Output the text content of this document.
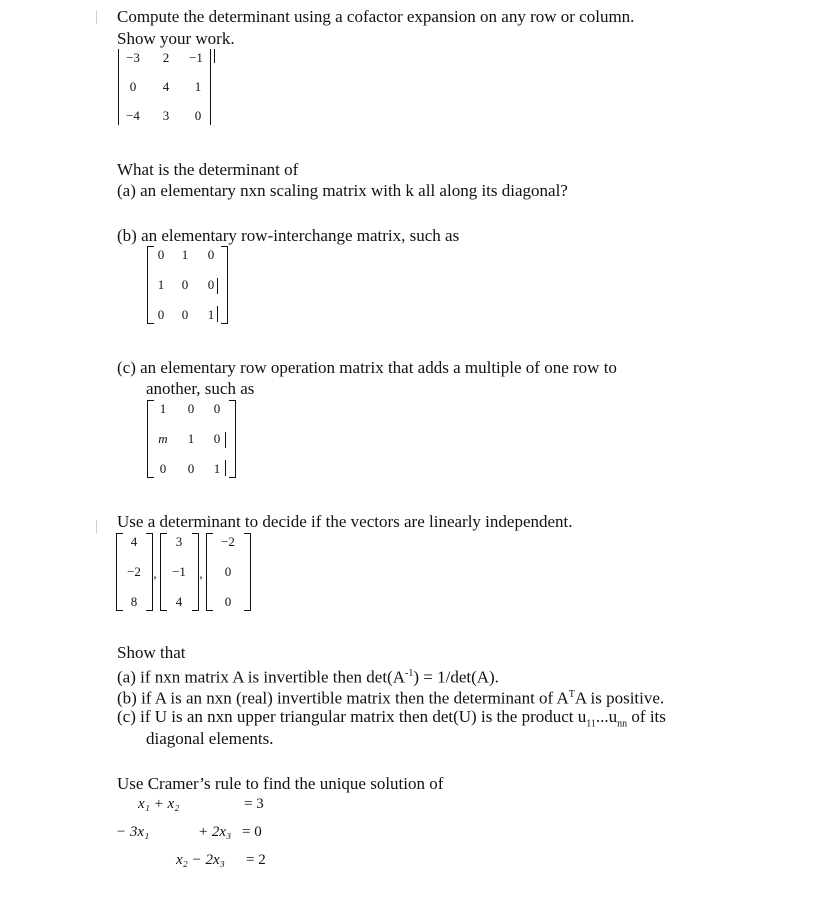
Compute the determinant using a cofactor expansion on any row or column.
Show your work.
−3	2	−1
0	4	1
−4	3	0
What is the determinant of
(a) an elementary nxn scaling matrix with k all along its diagonal?
(b) an elementary row-interchange matrix, such as
0	1	0
1	0	0
0	0	1
(c) an elementary row operation matrix that adds a multiple of one row to
another, such as
1	0	0
m	1	0
0	0	1
Use a determinant to decide if the vectors are linearly independent.
4
−2
8
,
3
−1
4
,
−2
0
0
Show that
(a) if nxn matrix A is invertible then $\det(A^{-1}) = 1/\det(A)$.
(b) if A is an nxn (real) invertible matrix then the determinant of $A^TA$ is positive.
(c) if U is an nxn upper triangular matrix then det(U) is the product $u_{11}...u_{nn}$ of its
diagonal elements.
Use Cramer’s rule to find the unique solution of
x₁ + x₂	= 3
− 3x₁	+ 2x₃ = 0
x₂ − 2x₃ = 2
